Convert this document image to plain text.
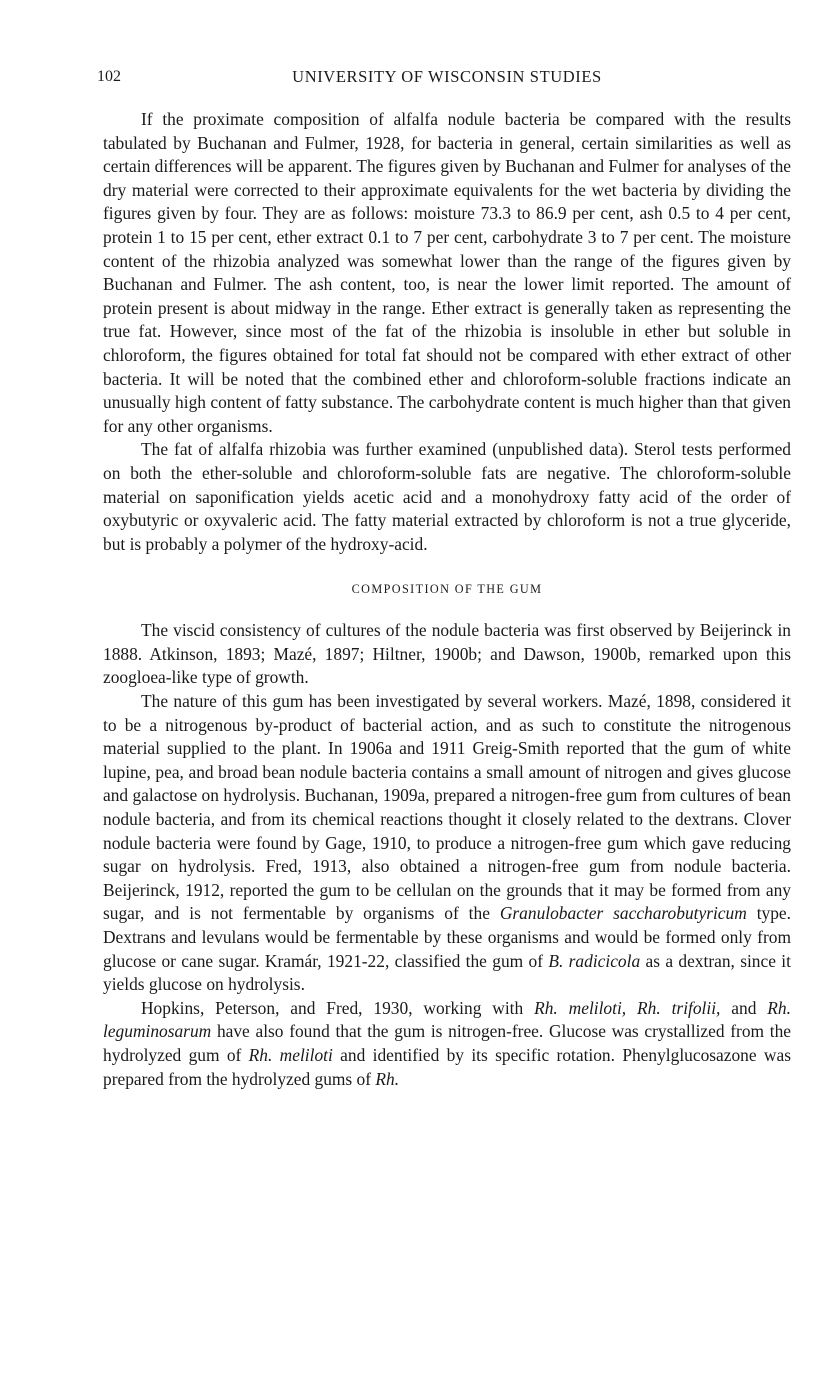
102	UNIVERSITY OF WISCONSIN STUDIES

If the proximate composition of alfalfa nodule bacteria be compared with the results tabulated by Buchanan and Fulmer, 1928, for bacteria in general, certain similarities as well as certain differences will be apparent. The figures given by Buchanan and Fulmer for analyses of the dry material were corrected to their approximate equivalents for the wet bacteria by dividing the figures given by four. They are as follows: moisture 73.3 to 86.9 per cent, ash 0.5 to 4 per cent, protein 1 to 15 per cent, ether extract 0.1 to 7 per cent, carbohydrate 3 to 7 per cent. The moisture content of the rhizobia analyzed was somewhat lower than the range of the figures given by Buchanan and Fulmer. The ash content, too, is near the lower limit reported. The amount of protein present is about midway in the range. Ether extract is generally taken as representing the true fat. However, since most of the fat of the rhizobia is insoluble in ether but soluble in chloroform, the figures obtained for total fat should not be compared with ether extract of other bacteria. It will be noted that the combined ether and chloroform-soluble fractions indicate an unusually high content of fatty substance. The carbohydrate content is much higher than that given for any other organisms.

The fat of alfalfa rhizobia was further examined (unpublished data). Sterol tests performed on both the ether-soluble and chloroform-soluble fats are negative. The chloroform-soluble material on saponification yields acetic acid and a monohydroxy fatty acid of the order of oxybutyric or oxyvaleric acid. The fatty material extracted by chloroform is not a true glyceride, but is probably a polymer of the hydroxy-acid.

COMPOSITION OF THE GUM

The viscid consistency of cultures of the nodule bacteria was first observed by Beijerinck in 1888. Atkinson, 1893; Mazé, 1897; Hiltner, 1900b; and Dawson, 1900b, remarked upon this zoogloea-like type of growth.

The nature of this gum has been investigated by several workers. Mazé, 1898, considered it to be a nitrogenous by-product of bacterial action, and as such to constitute the nitrogenous material supplied to the plant. In 1906a and 1911 Greig-Smith reported that the gum of white lupine, pea, and broad bean nodule bacteria contains a small amount of nitrogen and gives glucose and galactose on hydrolysis. Buchanan, 1909a, prepared a nitrogen-free gum from cultures of bean nodule bacteria, and from its chemical reactions thought it closely related to the dextrans. Clover nodule bacteria were found by Gage, 1910, to produce a nitrogen-free gum which gave reducing sugar on hydrolysis. Fred, 1913, also obtained a nitrogen-free gum from nodule bacteria. Beijerinck, 1912, reported the gum to be cellulan on the grounds that it may be formed from any sugar, and is not fermentable by organisms of the Granulobacter saccharobutyricum type. Dextrans and levulans would be fermentable by these organisms and would be formed only from glucose or cane sugar. Kramár, 1921-22, classified the gum of B. radicicola as a dextran, since it yields glucose on hydrolysis.

Hopkins, Peterson, and Fred, 1930, working with Rh. meliloti, Rh. trifolii, and Rh. leguminosarum have also found that the gum is nitrogen-free. Glucose was crystallized from the hydrolyzed gum of Rh. meliloti and identified by its specific rotation. Phenylglucosazone was prepared from the hydrolyzed gums of Rh.
